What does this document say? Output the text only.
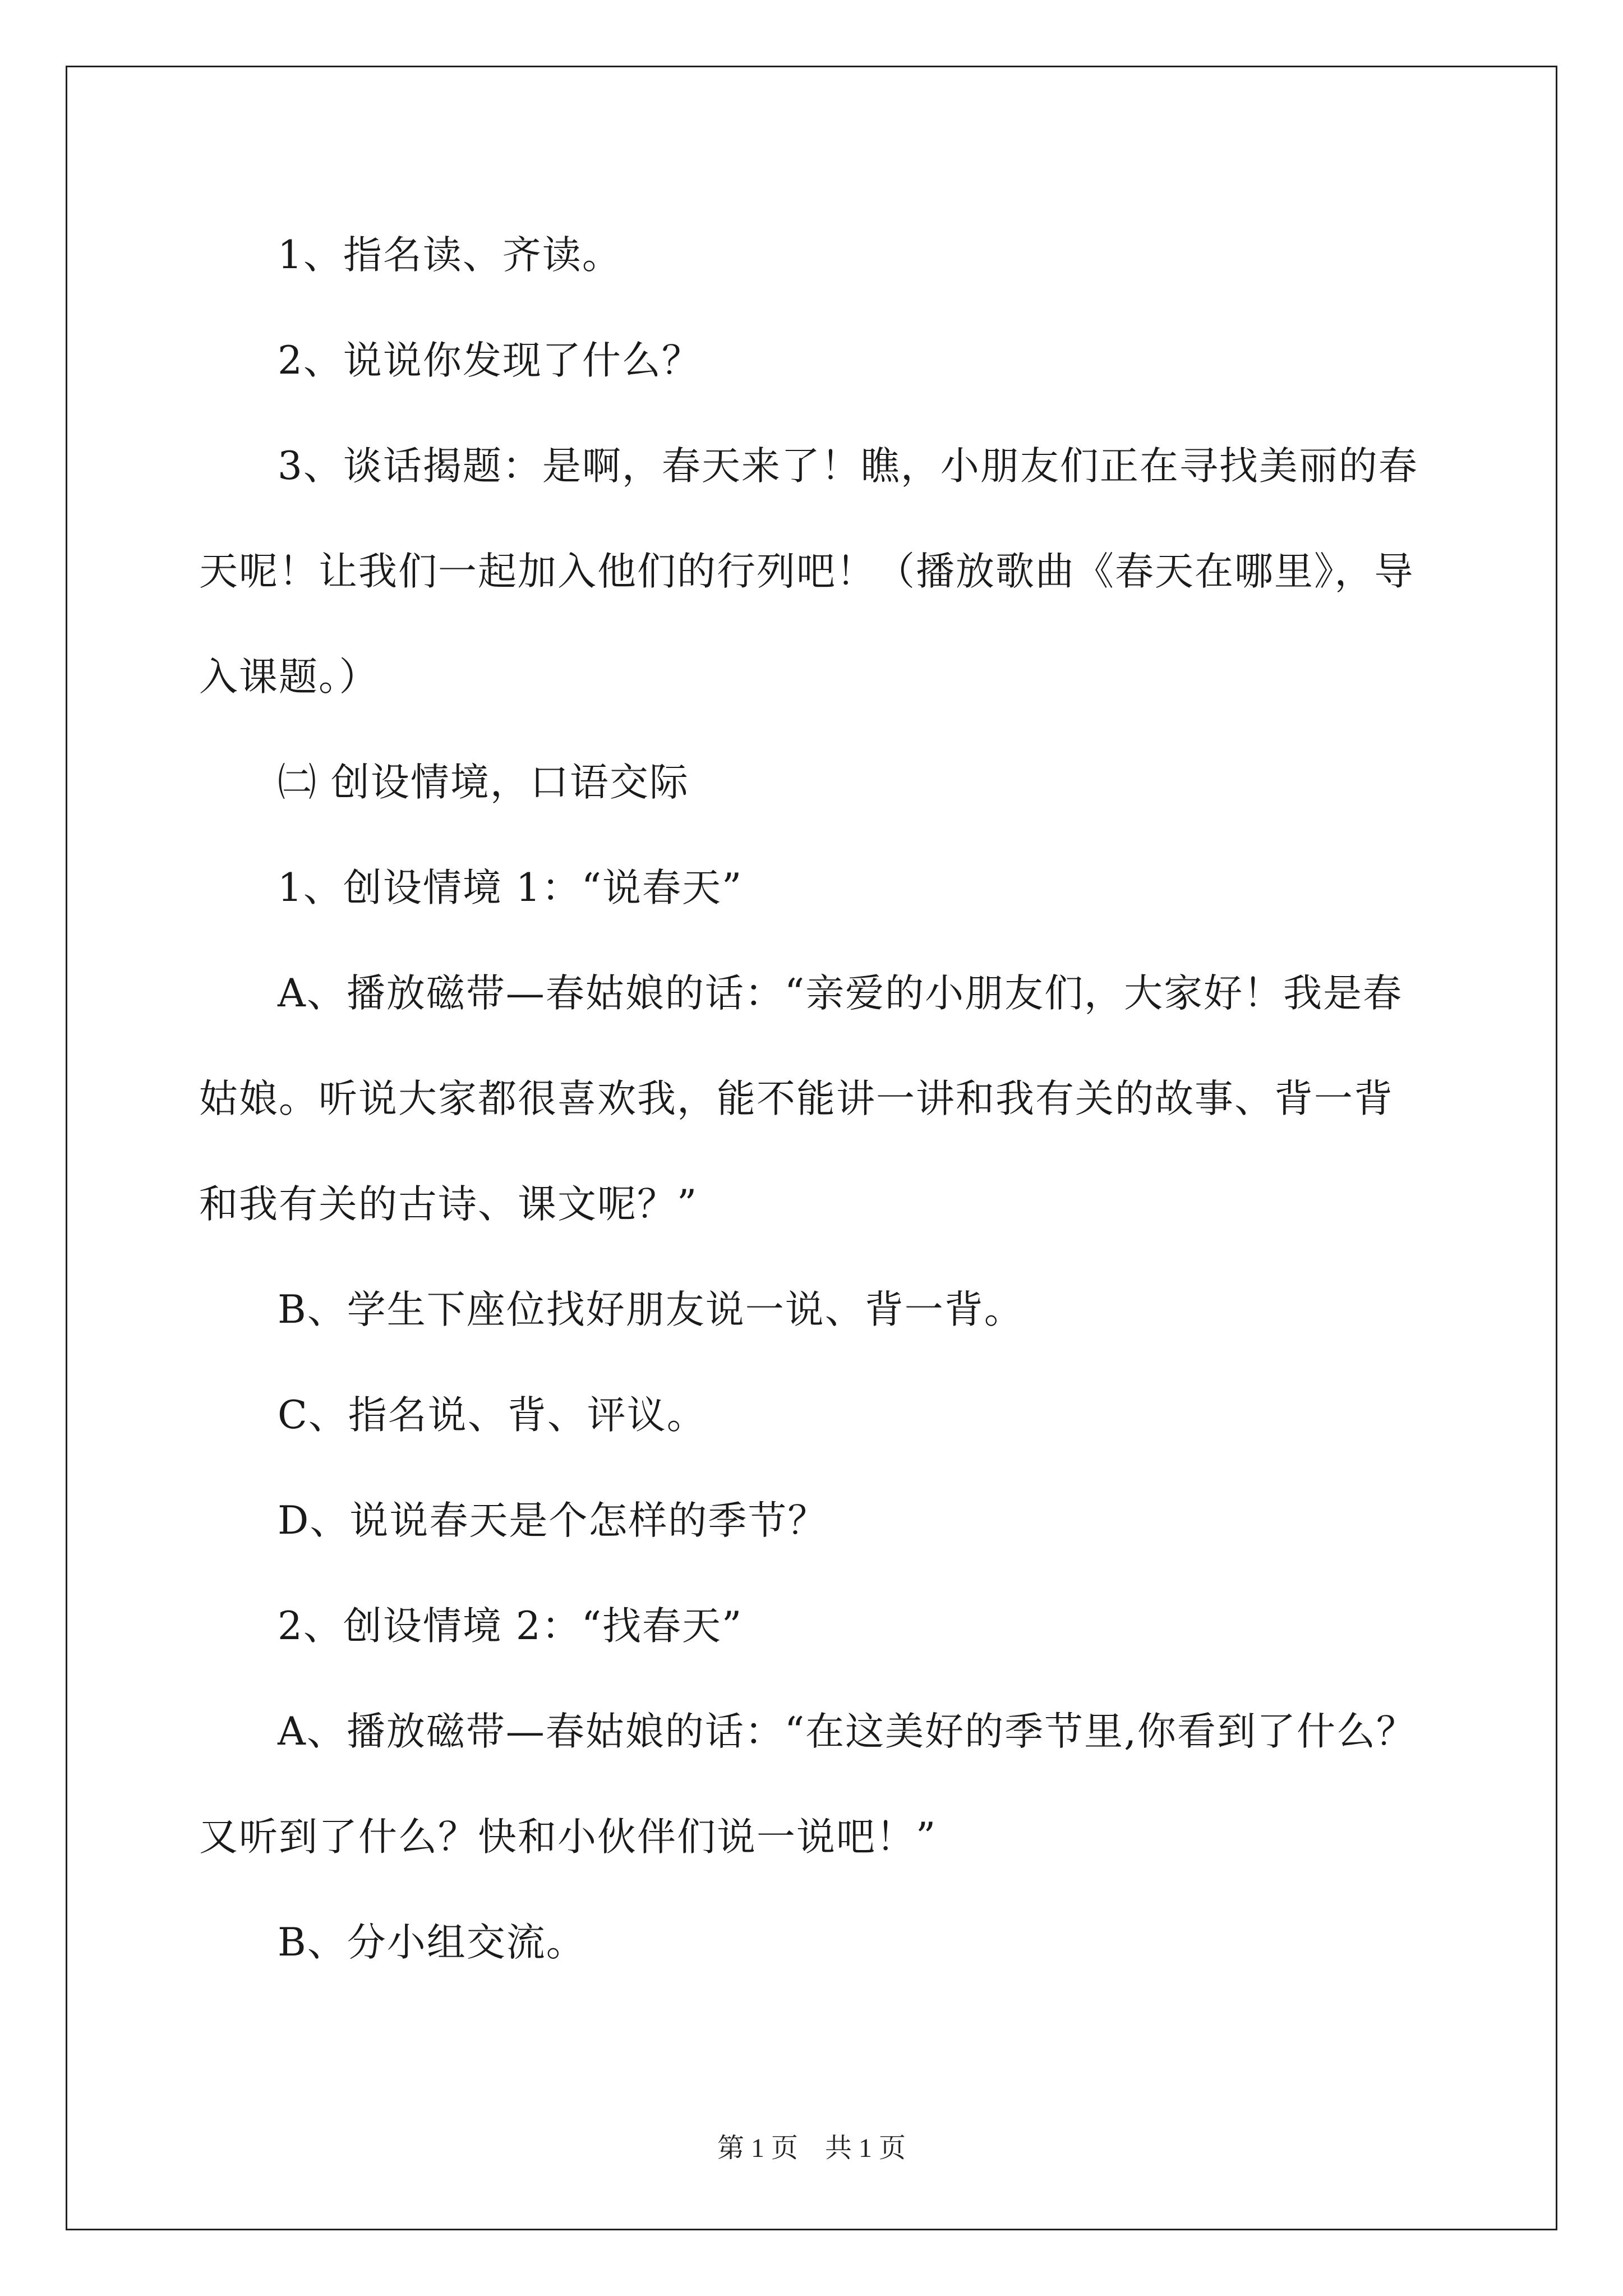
1、指名读、齐读。
2、说说你发现了什么？
3、谈话揭题：是啊，春天来了！瞧，小朋友们正在寻找美丽的春
天呢！让我们一起加入他们的行列吧！（播放歌曲《春天在哪里》，导
入课题。）
㈡ 创设情境，口语交际
1、创设情境 1：“说春天”
A、播放磁带—春姑娘的话：“亲爱的小朋友们，大家好！我是春
姑娘。听说大家都很喜欢我，能不能讲一讲和我有关的故事、背一背
和我有关的古诗、课文呢？”
B、学生下座位找好朋友说一说、背一背。
C、指名说、背、评议。
D、说说春天是个怎样的季节？
2、创设情境 2：“找春天”
A、播放磁带—春姑娘的话：“在这美好的季节里,你看到了什么？
又听到了什么？快和小伙伴们说一说吧！”
B、分小组交流。
第 1 页　共 1 页
